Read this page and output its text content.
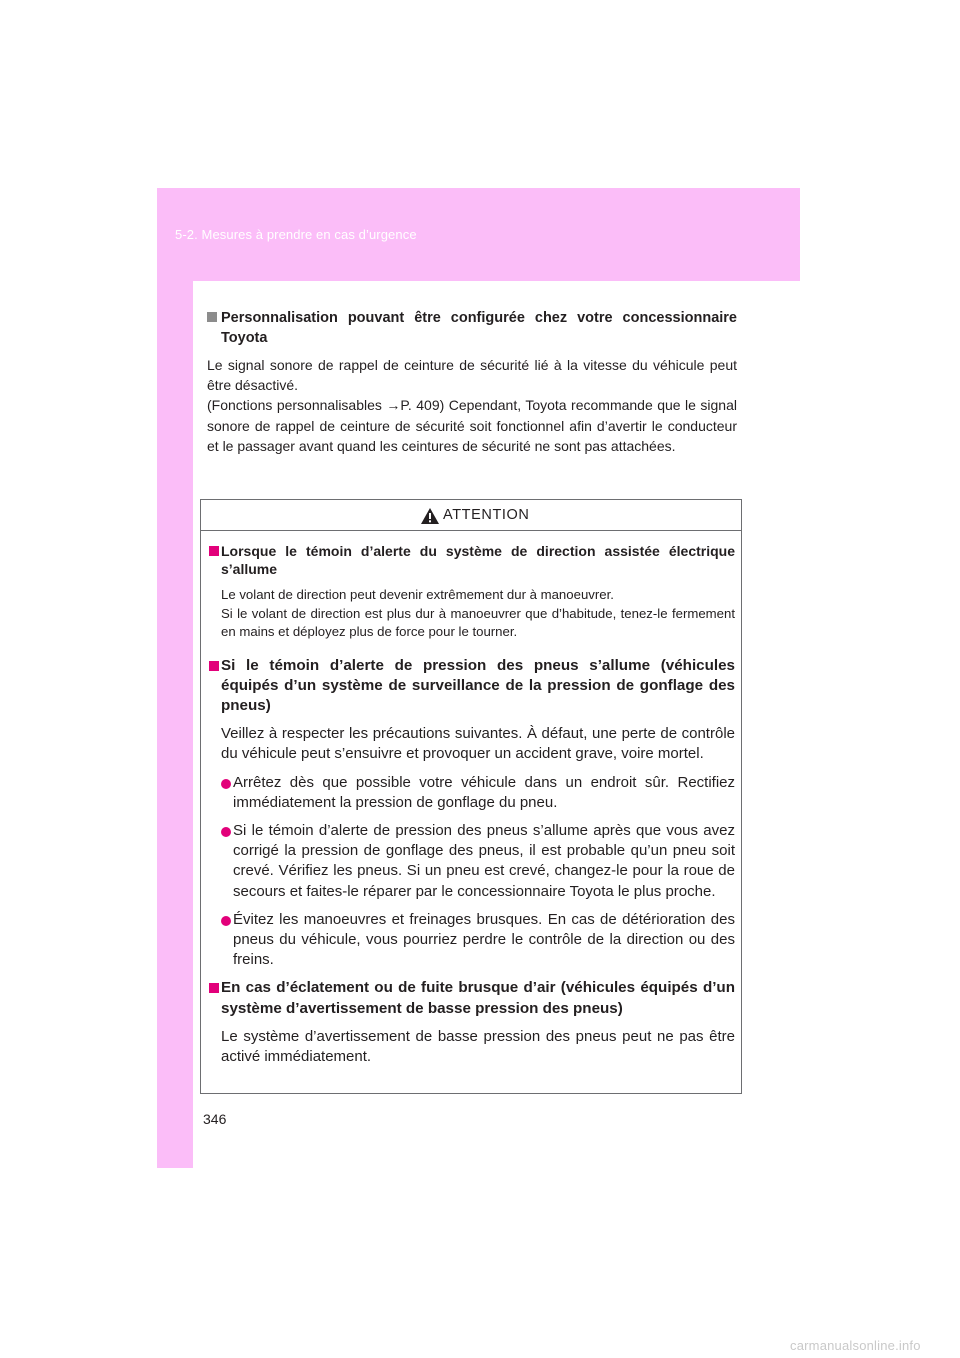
5-2. Mesures à prendre en cas d’urgence
Personnalisation pouvant être configurée chez votre concessionnaire Toyota
Le signal sonore de rappel de ceinture de sécurité lié à la vitesse du véhicule peut être désactivé.
(Fonctions personnalisables →P. 409) Cependant, Toyota recommande que le signal sonore de rappel de ceinture de sécurité soit fonctionnel afin d’avertir le conducteur et le passager avant quand les ceintures de sécurité ne sont pas attachées.
ATTENTION
Lorsque le témoin d’alerte du système de direction assistée électrique s’allume
Le volant de direction peut devenir extrêmement dur à manoeuvrer.
Si le volant de direction est plus dur à manoeuvrer que d’habitude, tenez-le fermement en mains et déployez plus de force pour le tourner.
Si le témoin d’alerte de pression des pneus s’allume (véhicules équipés d’un système de surveillance de la pression de gonflage des pneus)
Veillez à respecter les précautions suivantes. À défaut, une perte de contrôle du véhicule peut s’ensuivre et provoquer un accident grave, voire mortel.
Arrêtez dès que possible votre véhicule dans un endroit sûr. Rectifiez immédiatement la pression de gonflage du pneu.
Si le témoin d’alerte de pression des pneus s’allume après que vous avez corrigé la pression de gonflage des pneus, il est probable qu’un pneu soit crevé. Vérifiez les pneus. Si un pneu est crevé, changez-le pour la roue de secours et faites-le réparer par le concessionnaire Toyota le plus proche.
Évitez les manoeuvres et freinages brusques. En cas de détérioration des pneus du véhicule, vous pourriez perdre le contrôle de la direction ou des freins.
En cas d’éclatement ou de fuite brusque d’air (véhicules équipés d’un système d’avertissement de basse pression des pneus)
Le système d’avertissement de basse pression des pneus peut ne pas être activé immédiatement.
346
carmanualsonline.info
